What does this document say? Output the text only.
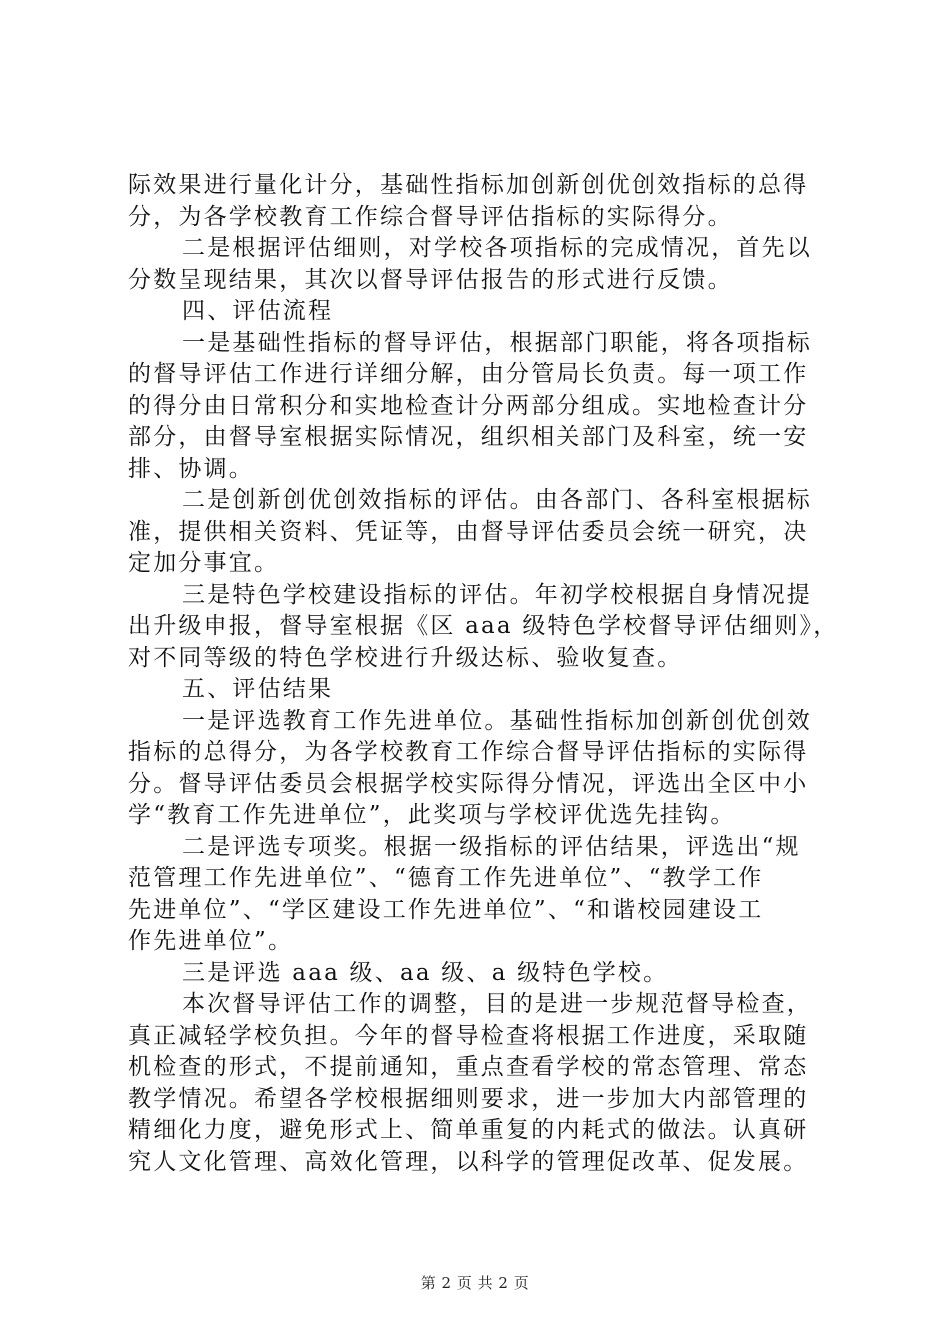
际效果进行量化计分，基础性指标加创新创优创效指标的总得
分，为各学校教育工作综合督导评估指标的实际得分。
二是根据评估细则，对学校各项指标的完成情况，首先以
分数呈现结果，其次以督导评估报告的形式进行反馈。
四、评估流程
一是基础性指标的督导评估，根据部门职能，将各项指标
的督导评估工作进行详细分解，由分管局长负责。每一项工作
的得分由日常积分和实地检查计分两部分组成。实地检查计分
部分，由督导室根据实际情况，组织相关部门及科室，统一安
排、协调。
二是创新创优创效指标的评估。由各部门、各科室根据标
准，提供相关资料、凭证等，由督导评估委员会统一研究，决
定加分事宜。
三是特色学校建设指标的评估。年初学校根据自身情况提
出升级申报，督导室根据《区 aaa 级特色学校督导评估细则》，
对不同等级的特色学校进行升级达标、验收复查。
五、评估结果
一是评选教育工作先进单位。基础性指标加创新创优创效
指标的总得分，为各学校教育工作综合督导评估指标的实际得
分。督导评估委员会根据学校实际得分情况，评选出全区中小
学“教育工作先进单位”，此奖项与学校评优选先挂钩。
二是评选专项奖。根据一级指标的评估结果，评选出“规
范管理工作先进单位”、“德育工作先进单位”、“教学工作
先进单位”、“学区建设工作先进单位”、“和谐校园建设工
作先进单位”。
三是评选 aaa 级、aa 级、a 级特色学校。
本次督导评估工作的调整，目的是进一步规范督导检查，
真正减轻学校负担。今年的督导检查将根据工作进度，采取随
机检查的形式，不提前通知，重点查看学校的常态管理、常态
教学情况。希望各学校根据细则要求，进一步加大内部管理的
精细化力度，避免形式上、简单重复的内耗式的做法。认真研
究人文化管理、高效化管理，以科学的管理促改革、促发展。
第 2 页 共 2 页
